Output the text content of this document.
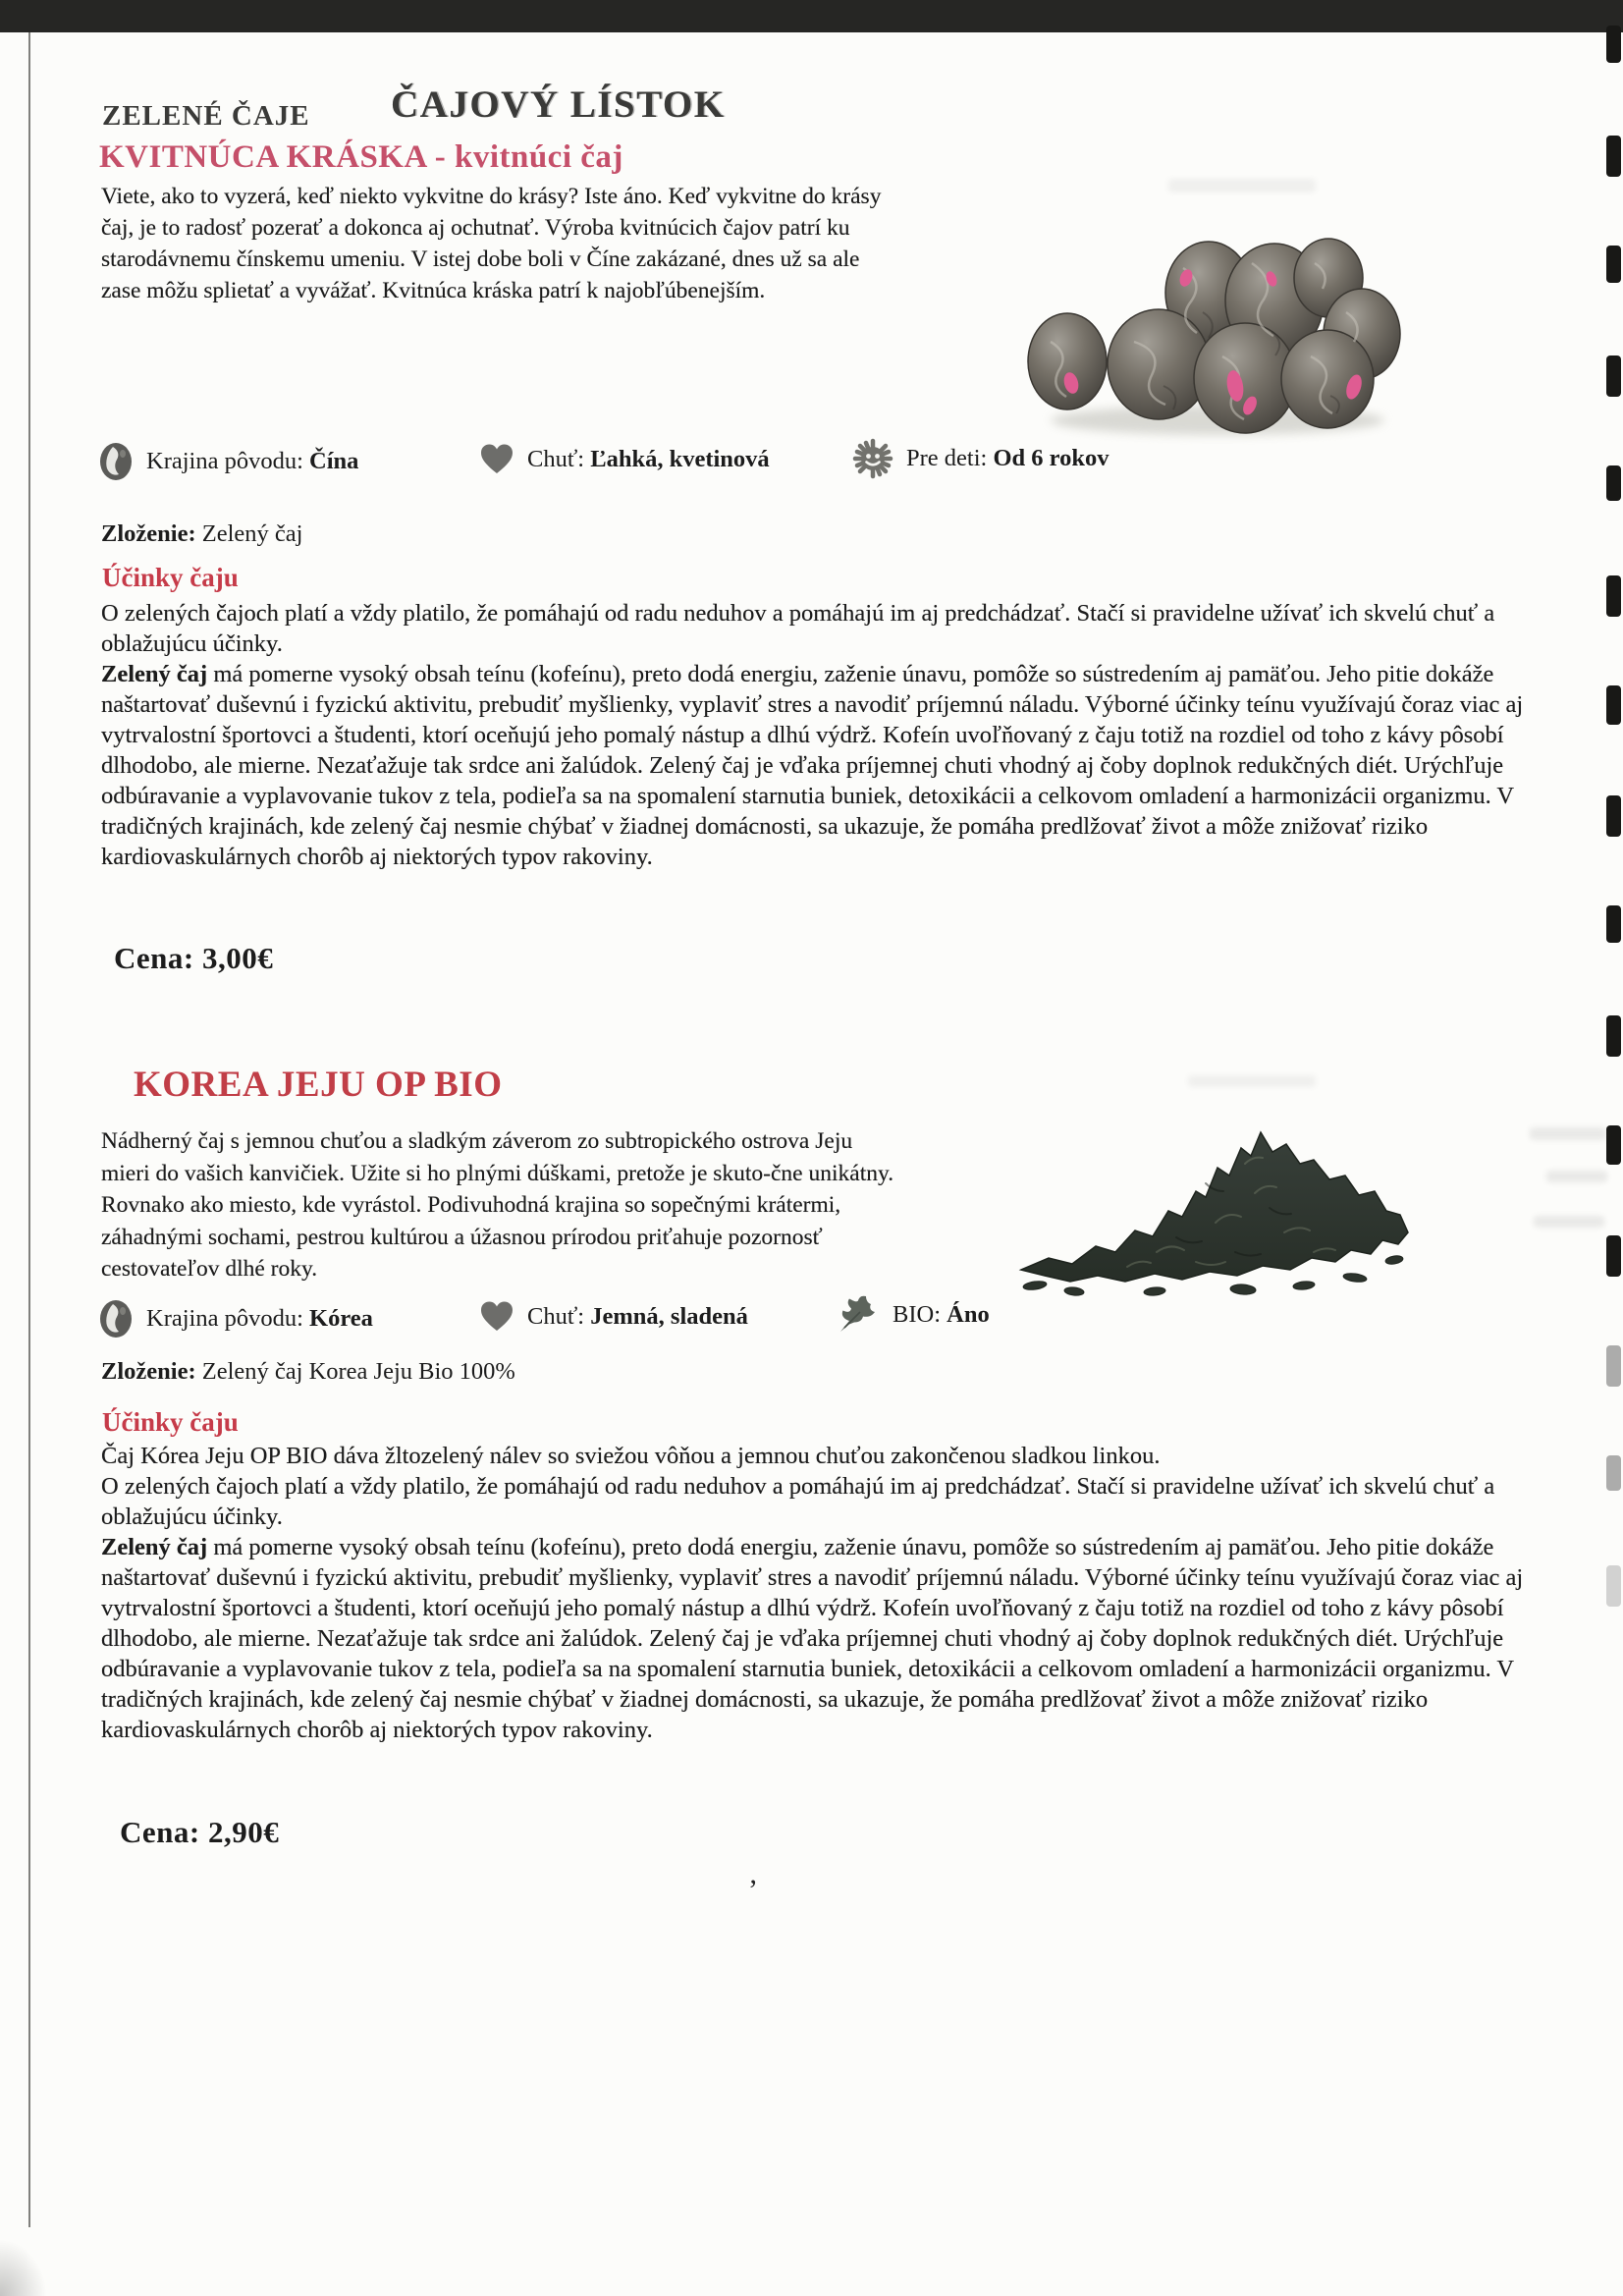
’
ZELENÉ ČAJE ČAJOVÝ LÍSTOK
KVITNÚCA KRÁSKA - kvitnúci čaj
Viete, ako to vyzerá, keď niekto vykvitne do krásy? Iste áno. Keď vykvitne do krásy čaj, je to radosť pozerať a dokonca aj ochutnať. Výroba kvitnúcich čajov patrí ku starodávnemu čínskemu umeniu. V istej dobe boli v Číne zakázané, dnes už sa ale zase môžu splietať a vyvážať. Kvitnúca kráska patrí k najobľúbenejším.
Krajina pôvodu: Čína	Chuť: Ľahká, kvetinová	Pre deti: Od 6 rokov
Zloženie: Zelený čaj
Účinky čaju

O zelených čajoch platí a vždy platilo, že pomáhajú od radu neduhov a pomáhajú im aj predchádzať. Stačí si pravidelne užívať ich skvelú chuť a oblažujúcu účinky.

Zelený čaj má pomerne vysoký obsah teínu (kofeínu), preto dodá energiu, zaženie únavu, pomôže so sústredením aj pamäťou. Jeho pitie dokáže naštartovať duševnú i fyzickú aktivitu, prebudiť myšlienky, vyplaviť stres a navodiť príjemnú náladu. Výborné účinky teínu využívajú čoraz viac aj vytrvalostní športovci a študenti, ktorí oceňujú jeho pomalý nástup a dlhú výdrž. Kofeín uvoľňovaný z čaju totiž na rozdiel od toho z kávy pôsobí dlhodobo, ale mierne. Nezaťažuje tak srdce ani žalúdok. Zelený čaj je vďaka príjemnej chuti vhodný aj čoby doplnok redukčných diét. Urýchľuje odbúravanie a vyplavovanie tukov z tela, podieľa sa na spomalení starnutia buniek, detoxikácii a celkovom omladení a harmonizácii organizmu. V tradičných krajinách, kde zelený čaj nesmie chýbať v žiadnej domácnosti, sa ukazuje, že pomáha predlžovať život a môže znižovať riziko kardiovaskulárnych chorôb aj niektorých typov rakoviny.

Cena: 3,00€
KOREA JEJU OP BIO
Nádherný čaj s jemnou chuťou a sladkým záverom zo subtropického ostrova Jeju mieri do vašich kanvičiek. Užite si ho plnými dúškami, pretože je skuto-čne unikátny. Rovnako ako miesto, kde vyrástol. Podivuhodná krajina so sopečnými krátermi, záhadnými sochami, pestrou kultúrou a úžasnou prírodou priťahuje pozornosť cestovateľov dlhé roky.
Krajina pôvodu: Kórea	Chuť: Jemná, sladená	BIO: Áno
Zloženie: Zelený čaj Korea Jeju Bio 100%
Účinky čaju

Čaj Kórea Jeju OP BIO dáva žltozelený nálev so sviežou vôňou a jemnou chuťou zakončenou sladkou linkou.

O zelených čajoch platí a vždy platilo, že pomáhajú od radu neduhov a pomáhajú im aj predchádzať. Stačí si pravidelne užívať ich skvelú chuť a oblažujúcu účinky.

Zelený čaj má pomerne vysoký obsah teínu (kofeínu), preto dodá energiu, zaženie únavu, pomôže so sústredením aj pamäťou. Jeho pitie dokáže naštartovať duševnú i fyzickú aktivitu, prebudiť myšlienky, vyplaviť stres a navodiť príjemnú náladu. Výborné účinky teínu využívajú čoraz viac aj vytrvalostní športovci a študenti, ktorí oceňujú jeho pomalý nástup a dlhú výdrž. Kofeín uvoľňovaný z čaju totiž na rozdiel od toho z kávy pôsobí dlhodobo, ale mierne. Nezaťažuje tak srdce ani žalúdok. Zelený čaj je vďaka príjemnej chuti vhodný aj čoby doplnok redukčných diét. Urýchľuje odbúravanie a vyplavovanie tukov z tela, podieľa sa na spomalení starnutia buniek, detoxikácii a celkovom omladení a harmonizácii organizmu. V tradičných krajinách, kde zelený čaj nesmie chýbať v žiadnej domácnosti, sa ukazuje, že pomáha predlžovať život a môže znižovať riziko kardiovaskulárnych chorôb aj niektorých typov rakoviny.

Cena: 2,90€
